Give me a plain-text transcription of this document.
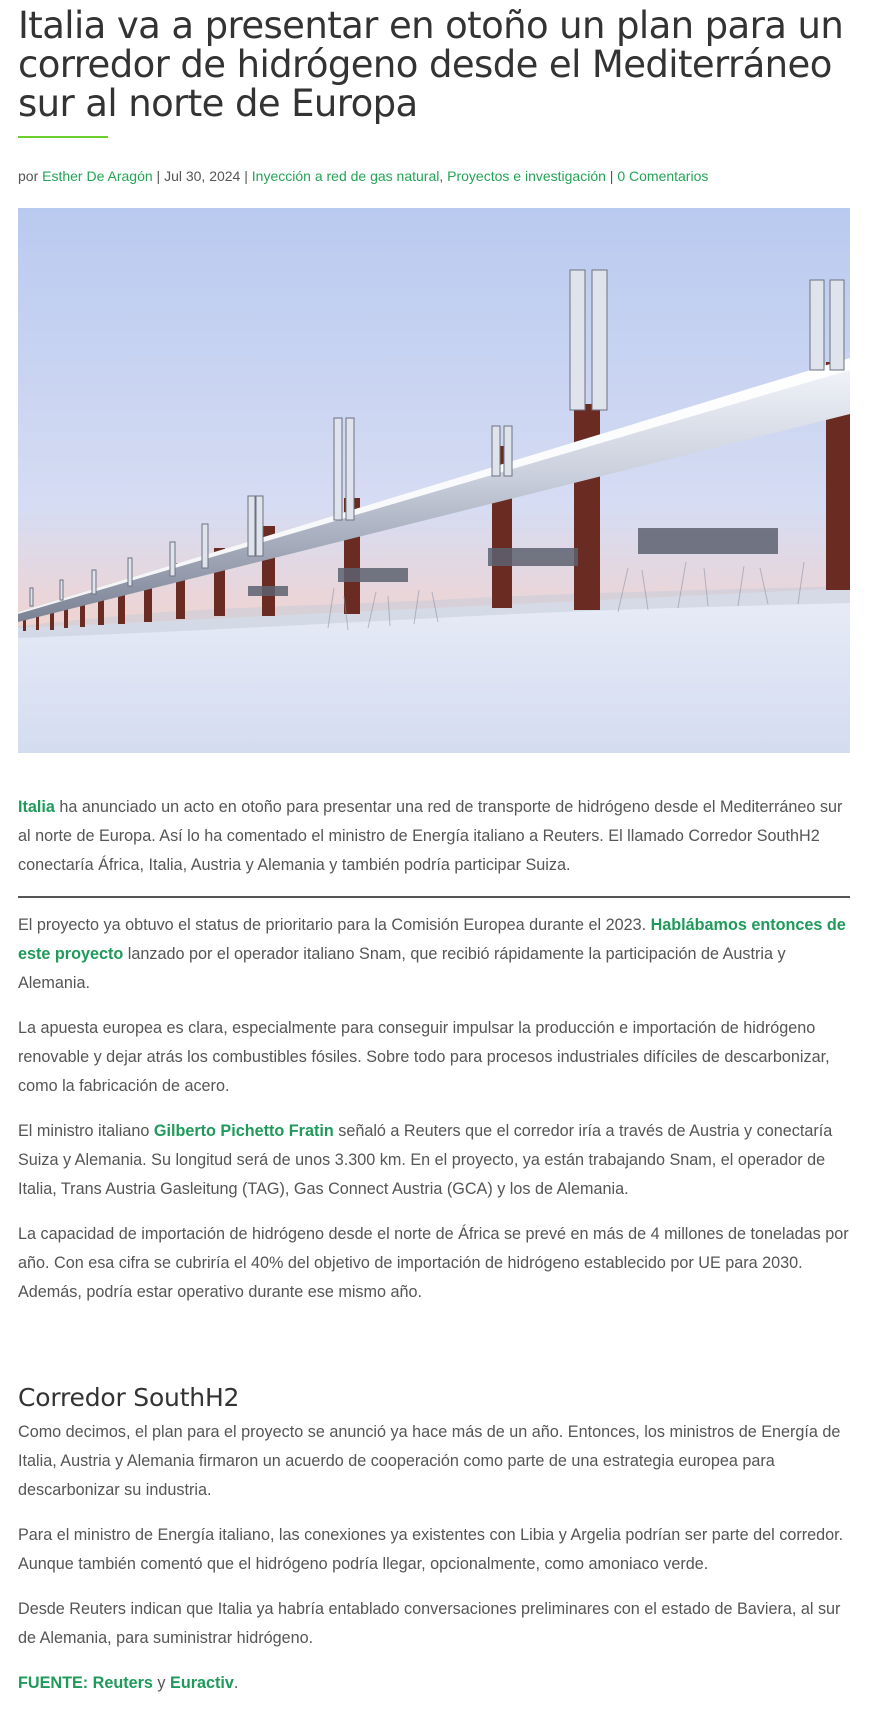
Italia va a presentar en otoño un plan para un corredor de hidrógeno desde el Mediterráneo sur al norte de Europa
por Esther De Aragón | Jul 30, 2024 | Inyección a red de gas natural, Proyectos e investigación | 0 Comentarios

Italia ha anunciado un acto en otoño para presentar una red de transporte de hidrógeno desde el Mediterráneo sur al norte de Europa. Así lo ha comentado el ministro de Energía italiano a Reuters. El llamado Corredor SouthH2 conectaría África, Italia, Austria y Alemania y también podría participar Suiza.

El proyecto ya obtuvo el status de prioritario para la Comisión Europea durante el 2023. Hablábamos entonces de este proyecto lanzado por el operador italiano Snam, que recibió rápidamente la participación de Austria y Alemania.

La apuesta europea es clara, especialmente para conseguir impulsar la producción e importación de hidrógeno renovable y dejar atrás los combustibles fósiles. Sobre todo para procesos industriales difíciles de descarbonizar, como la fabricación de acero.

El ministro italiano Gilberto Pichetto Fratin señaló a Reuters que el corredor iría a través de Austria y conectaría Suiza y Alemania. Su longitud será de unos 3.300 km. En el proyecto, ya están trabajando Snam, el operador de Italia, Trans Austria Gasleitung (TAG), Gas Connect Austria (GCA) y los de Alemania.

La capacidad de importación de hidrógeno desde el norte de África se prevé en más de 4 millones de toneladas por año. Con esa cifra se cubriría el 40% del objetivo de importación de hidrógeno establecido por UE para 2030. Además, podría estar operativo durante ese mismo año.

Corredor SouthH2

Como decimos, el plan para el proyecto se anunció ya hace más de un año. Entonces, los ministros de Energía de Italia, Austria y Alemania firmaron un acuerdo de cooperación como parte de una estrategia europea para descarbonizar su industria.

Para el ministro de Energía italiano, las conexiones ya existentes con Libia y Argelia podrían ser parte del corredor. Aunque también comentó que el hidrógeno podría llegar, opcionalmente, como amoniaco verde.

Desde Reuters indican que Italia ya habría entablado conversaciones preliminares con el estado de Baviera, al sur de Alemania, para suministrar hidrógeno.

FUENTE: Reuters y Euractiv.
